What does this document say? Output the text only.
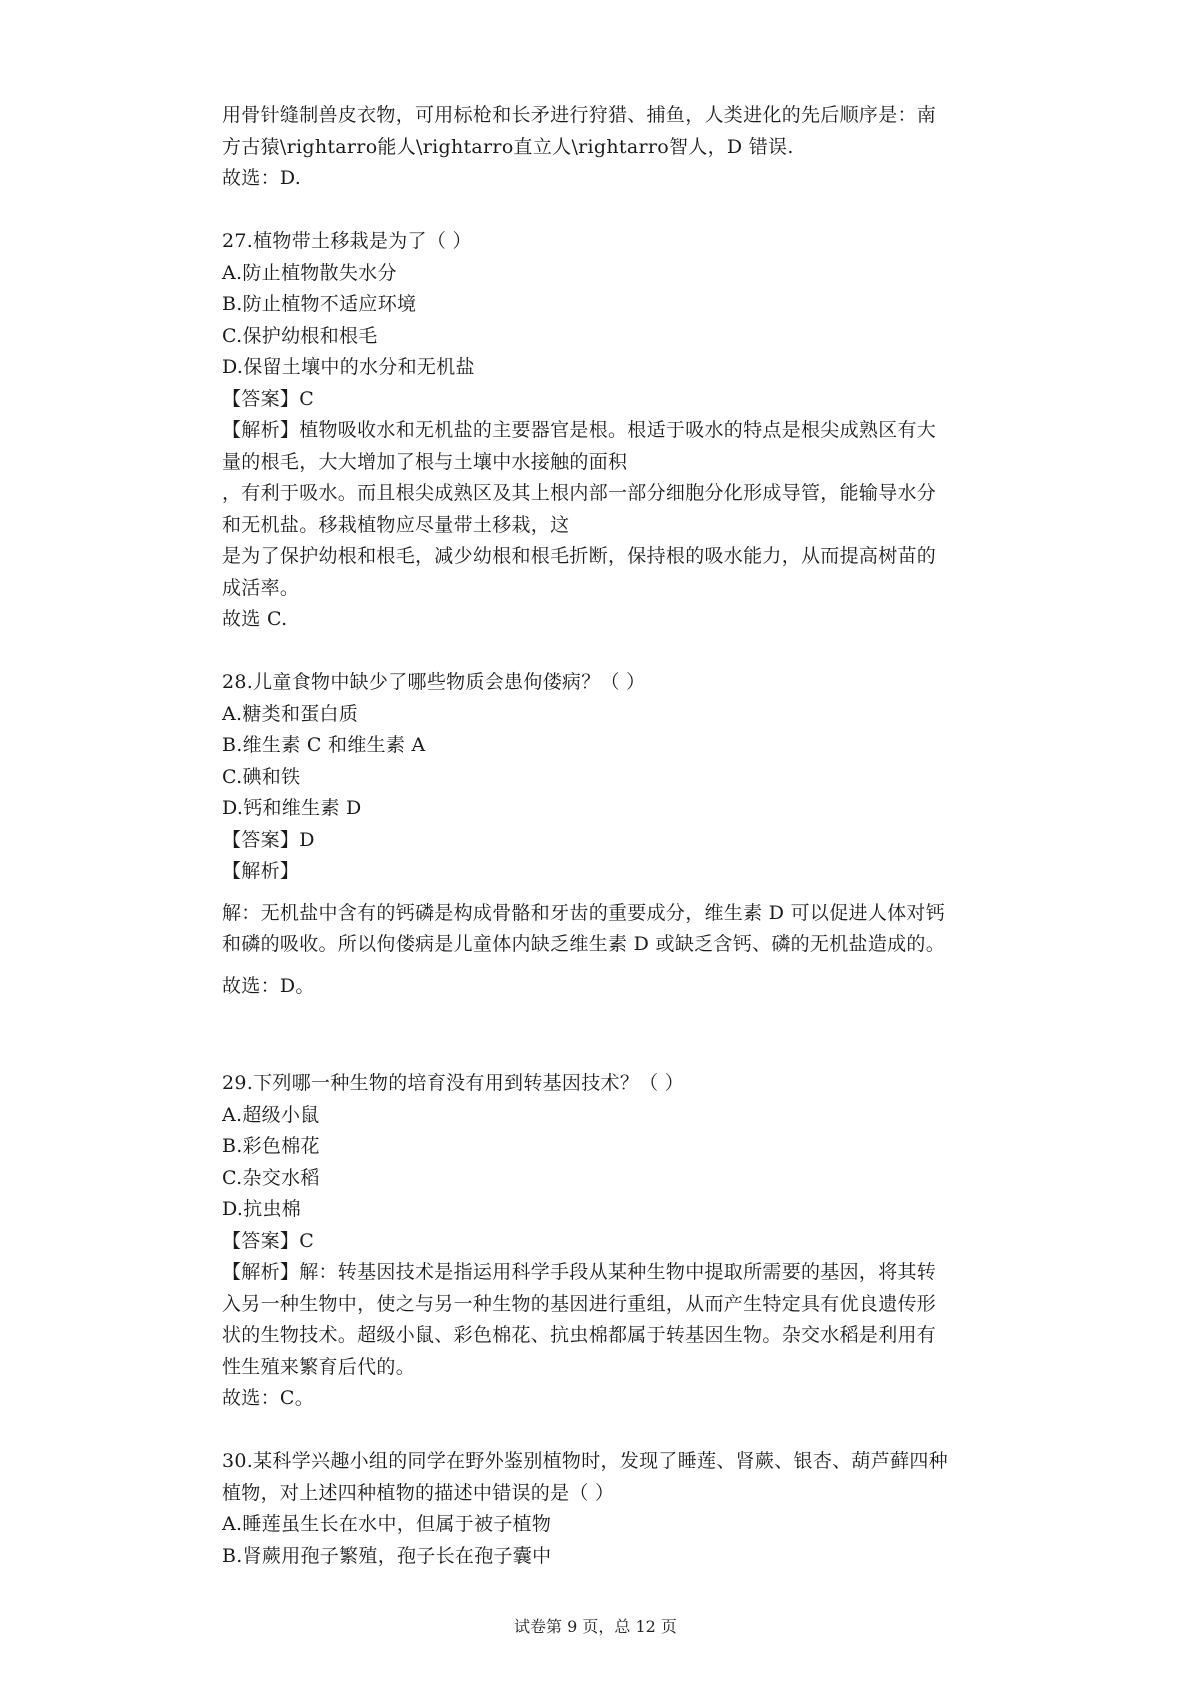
用骨针缝制兽皮衣物，可用标枪和长矛进行狩猎、捕鱼，人类进化的先后顺序是：南
方古猿\rightarro能人\rightarro直立人\rightarro智人，D 错误.
故选：D.
27.植物带土移栽是为了（ ）
A.防止植物散失水分
B.防止植物不适应环境
C.保护幼根和根毛
D.保留土壤中的水分和无机盐
【答案】C
【解析】植物吸收水和无机盐的主要器官是根。根适于吸水的特点是根尖成熟区有大
量的根毛，大大增加了根与土壤中水接触的面积
，有利于吸水。而且根尖成熟区及其上根内部一部分细胞分化形成导管，能输导水分
和无机盐。移栽植物应尽量带土移栽，这
是为了保护幼根和根毛，减少幼根和根毛折断，保持根的吸水能力，从而提高树苗的
成活率。
故选 C.
28.儿童食物中缺少了哪些物质会患佝偻病？（ ）
A.糖类和蛋白质
B.维生素 C 和维生素 A
C.碘和铁
D.钙和维生素 D
【答案】D
【解析】
解：无机盐中含有的钙磷是构成骨骼和牙齿的重要成分，维生素 D 可以促进人体对钙
和磷的吸收。所以佝偻病是儿童体内缺乏维生素 D 或缺乏含钙、磷的无机盐造成的。
故选：D。
29.下列哪一种生物的培育没有用到转基因技术？（ ）
A.超级小鼠
B.彩色棉花
C.杂交水稻
D.抗虫棉
【答案】C
【解析】解：转基因技术是指运用科学手段从某种生物中提取所需要的基因，将其转
入另一种生物中，使之与另一种生物的基因进行重组，从而产生特定具有优良遗传形
状的生物技术。超级小鼠、彩色棉花、抗虫棉都属于转基因生物。杂交水稻是利用有
性生殖来繁育后代的。
故选：C。
30.某科学兴趣小组的同学在野外鉴别植物时，发现了睡莲、肾蕨、银杏、葫芦藓四种
植物，对上述四种植物的描述中错误的是（ ）
A.睡莲虽生长在水中，但属于被子植物
B.肾蕨用孢子繁殖，孢子长在孢子囊中
试卷第 9 页，总 12 页
